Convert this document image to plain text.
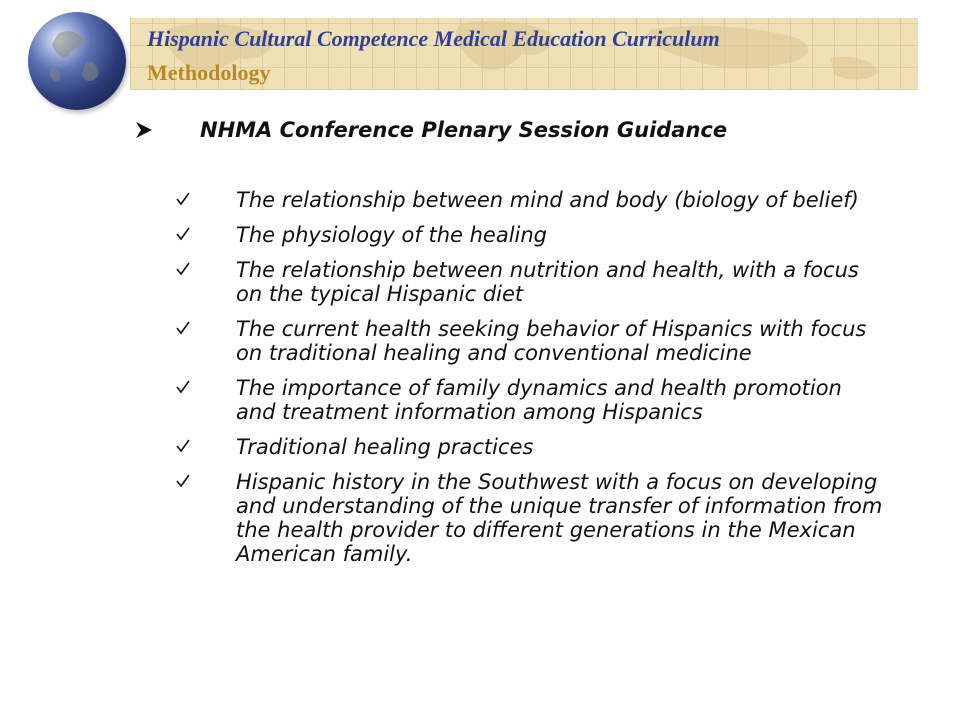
Hispanic Cultural Competence Medical Education Curriculum
Methodology
NHMA Conference Plenary Session Guidance
The relationship between mind and body (biology of belief)
The physiology of the healing
The relationship between nutrition and health, with a focus on the typical Hispanic diet
The current health seeking behavior of Hispanics with focus on traditional healing and conventional medicine
The importance of family dynamics and health promotion and treatment information among Hispanics
Traditional healing practices
Hispanic history in the Southwest with a focus on developing and understanding of the unique transfer of information from the health provider to different generations in the Mexican American family.
